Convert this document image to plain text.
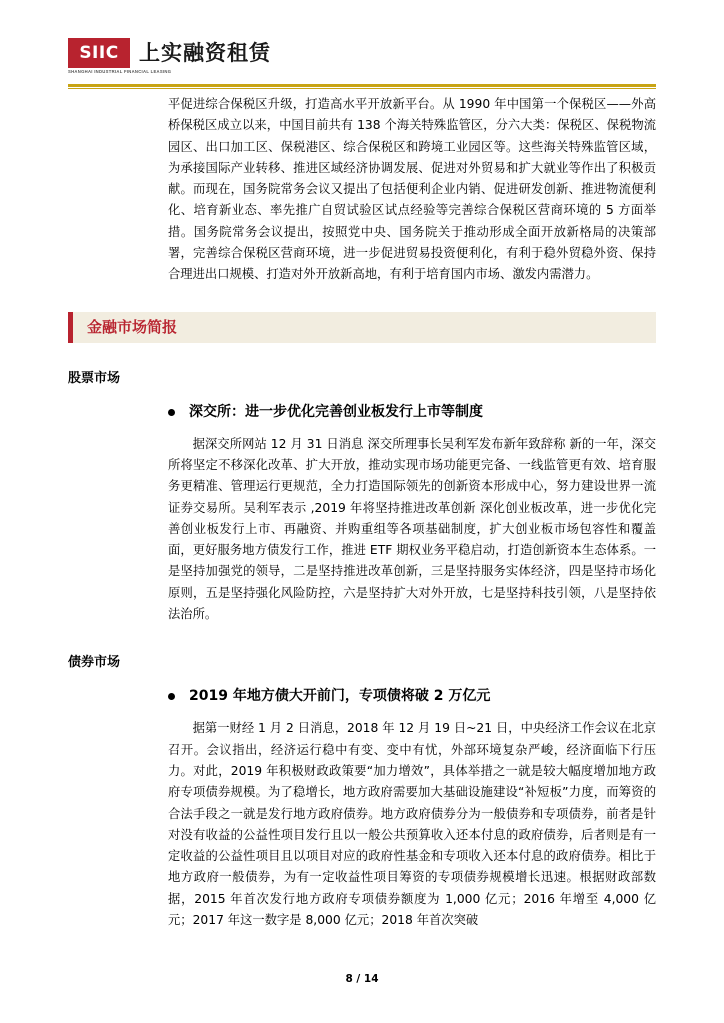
SIIC
SHANGHAI INDUSTRIAL FINANCIAL LEASING
上实融资租赁

平促进综合保税区升级，打造高水平开放新平台。从 1990 年中国第一个保税区——外高桥保税区成立以来，中国目前共有 138 个海关特殊监管区，分六大类：保税区、保税物流园区、出口加工区、保税港区、综合保税区和跨境工业园区等。这些海关特殊监管区域，为承接国际产业转移、推进区域经济协调发展、促进对外贸易和扩大就业等作出了积极贡献。而现在，国务院常务会议又提出了包括便利企业内销、促进研发创新、推进物流便利化、培育新业态、率先推广自贸试验区试点经验等完善综合保税区营商环境的 5 方面举措。国务院常务会议提出，按照党中央、国务院关于推动形成全面开放新格局的决策部署，完善综合保税区营商环境，进一步促进贸易投资便利化，有利于稳外贸稳外资、保持合理进出口规模、打造对外开放新高地，有利于培育国内市场、激发内需潜力。

金融市场简报
股票市场
深交所：进一步优化完善创业板发行上市等制度

据深交所网站 12 月 31 日消息 深交所理事长吴利军发布新年致辞称 新的一年，深交所将坚定不移深化改革、扩大开放，推动实现市场功能更完备、一线监管更有效、培育服务更精准、管理运行更规范，全力打造国际领先的创新资本形成中心，努力建设世界一流证券交易所。吴利军表示 ,2019 年将坚持推进改革创新 深化创业板改革，进一步优化完善创业板发行上市、再融资、并购重组等各项基础制度，扩大创业板市场包容性和覆盖面，更好服务地方债发行工作，推进 ETF 期权业务平稳启动，打造创新资本生态体系。一是坚持加强党的领导，二是坚持推进改革创新，三是坚持服务实体经济，四是坚持市场化原则，五是坚持强化风险防控，六是坚持扩大对外开放，七是坚持科技引领，八是坚持依法治所。

债券市场
2019 年地方债大开前门，专项债将破 2 万亿元

据第一财经 1 月 2 日消息，2018 年 12 月 19 日~21 日，中央经济工作会议在北京召开。会议指出，经济运行稳中有变、变中有忧，外部环境复杂严峻，经济面临下行压力。对此，2019 年积极财政政策要“加力增效”，具体举措之一就是较大幅度增加地方政府专项债券规模。为了稳增长，地方政府需要加大基础设施建设“补短板”力度，而筹资的合法手段之一就是发行地方政府债券。地方政府债券分为一般债券和专项债券，前者是针对没有收益的公益性项目发行且以一般公共预算收入还本付息的政府债券，后者则是有一定收益的公益性项目且以项目对应的政府性基金和专项收入还本付息的政府债券。相比于地方政府一般债券，为有一定收益性项目筹资的专项债券规模增长迅速。根据财政部数据，2015 年首次发行地方政府专项债券额度为 1,000 亿元；2016 年增至 4,000 亿元；2017 年这一数字是 8,000 亿元；2018 年首次突破

8 / 14
